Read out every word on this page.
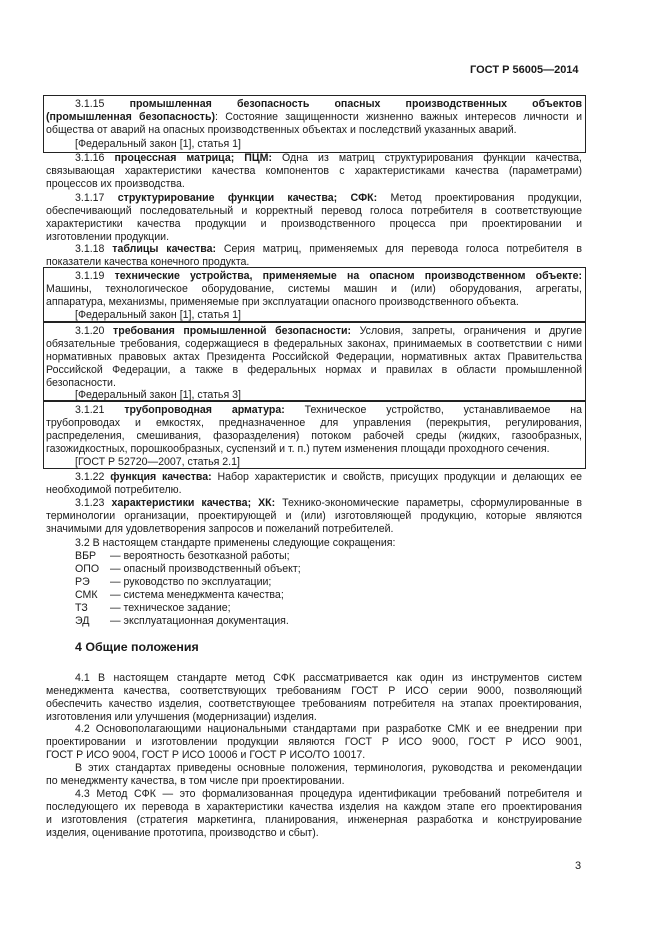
ГОСТ Р 56005—2014

3.1.15 промышленная безопасность опасных производственных объектов

(промышленная безопасность): Состояние защищенности жизненно важных интересов личности и

общества от аварий на опасных производственных объектах и последствий указанных аварий.

[Федеральный закон [1], статья 1]

3.1.16 процессная матрица; ПЦМ: Одна из матриц структурирования функции качества,

связывающая характеристики качества компонентов с характеристиками качества (параметрами)

процессов их производства.

3.1.17 структурирование функции качества; СФК: Метод проектирования продукции,

обеспечивающий последовательный и корректный перевод голоса потребителя в соответствующие

характеристики качества продукции и производственного процесса при проектировании и

изготовлении продукции.

3.1.18 таблицы качества: Серия матриц, применяемых для перевода голоса потребителя в

показатели качества конечного продукта.

3.1.19 технические устройства, применяемые на опасном производственном объекте:

Машины, технологическое оборудование, системы машин и (или) оборудования, агрегаты,

аппаратура, механизмы, применяемые при эксплуатации опасного производственного объекта.

[Федеральный закон [1], статья 1]

3.1.20 требования промышленной безопасности: Условия, запреты, ограничения и другие

обязательные требования, содержащиеся в федеральных законах, принимаемых в соответствии с ними

нормативных правовых актах Президента Российской Федерации, нормативных актах Правительства

Российской Федерации, а также в федеральных нормах и правилах в области промышленной

безопасности.

[Федеральный закон [1], статья 3]

3.1.21 трубопроводная арматура: Техническое устройство, устанавливаемое на

трубопроводах и емкостях, предназначенное для управления (перекрытия, регулирования,

распределения, смешивания, фазоразделения) потоком рабочей среды (жидких, газообразных,

газожидкостных, порошкообразных, суспензий и т. п.) путем изменения площади проходного сечения.

[ГОСТ Р 52720—2007, статья 2.1]

3.1.22 функция качества: Набор характеристик и свойств, присущих продукции и делающих ее

необходимой потребителю.

3.1.23 характеристики качества; ХК: Технико-экономические параметры, сформулированные в

терминологии организации, проектирующей и (или) изготовляющей продукцию, которые являются

значимыми для удовлетворения запросов и пожеланий потребителей.

3.2 В настоящем стандарте применены следующие сокращения:

ВБР	— вероятность безотказной работы;

ОПО	— опасный производственный объект;

РЭ	— руководство по эксплуатации;

СМК	— система менеджмента качества;

ТЗ	— техническое задание;

ЭД	— эксплуатационная документация.

4 Общие положения

4.1 В настоящем стандарте метод СФК рассматривается как один из инструментов систем

менеджмента качества, соответствующих требованиям ГОСТ Р ИСО серии 9000, позволяющий

обеспечить качество изделия, соответствующее требованиям потребителя на этапах проектирования,

изготовления или улучшения (модернизации) изделия.

4.2 Основополагающими национальными стандартами при разработке СМК и ее внедрении при

проектировании и изготовлении продукции являются ГОСТ Р ИСО 9000, ГОСТ Р ИСО 9001,

ГОСТ Р ИСО 9004, ГОСТ Р ИСО 10006 и ГОСТ Р ИСО/ТО 10017.

В этих стандартах приведены основные положения, терминология, руководства и рекомендации

по менеджменту качества, в том числе при проектировании.

4.3 Метод СФК — это формализованная процедура идентификации требований потребителя и

последующего их перевода в характеристики качества изделия на каждом этапе его проектирования

и изготовления (стратегия маркетинга, планирования, инженерная разработка и конструирование

изделия, оценивание прототипа, производство и сбыт).

3
